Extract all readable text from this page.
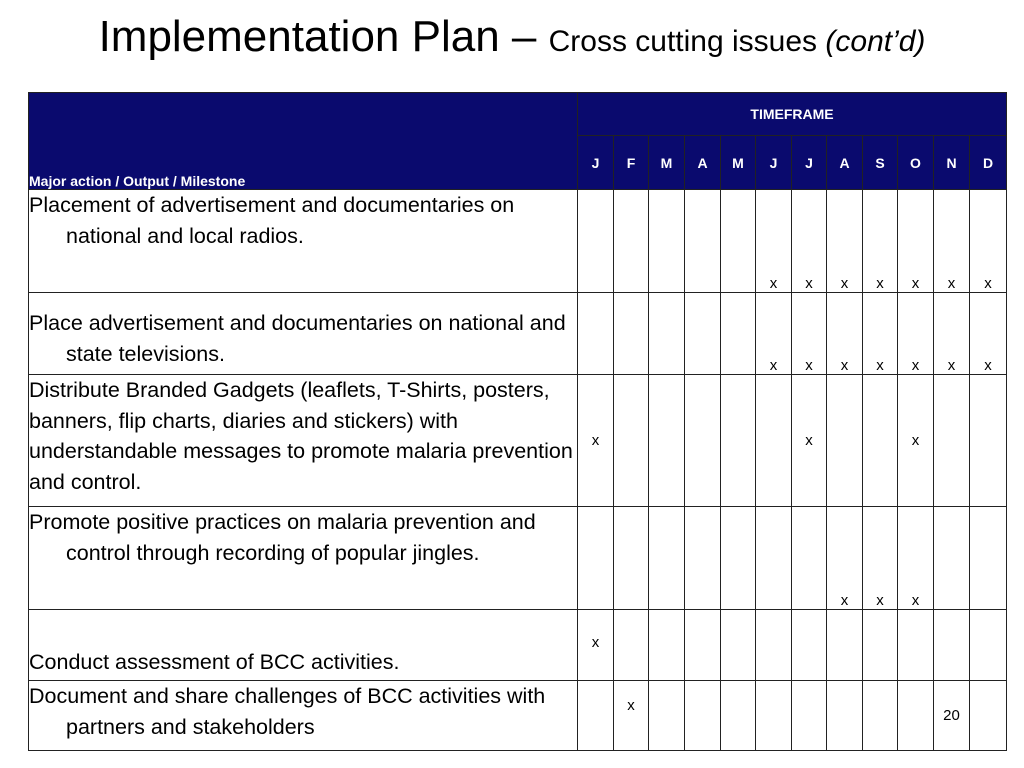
Implementation Plan – Cross cutting issues (cont’d)
Major action / Output / Milestone	TIMEFRAME											
	J	F	M	A	M	J	J	A	S	O	N	D

Placement of advertisement and documentaries on national and local radios.						x	x	x	x	x	x	x

Place advertisement and documentaries on national and state televisions.						x	x	x	x	x	x	x

Distribute Branded Gadgets (leaflets, T-Shirts, posters, banners, flip charts, diaries and stickers) with understandable messages to promote malaria prevention and control.	x						x			x		

Promote positive practices on malaria prevention and control through recording of popular jingles.								x	x	x		

Conduct assessment of BCC activities.	x											

Document and share challenges of BCC activities with partners and stakeholders		x									20	
